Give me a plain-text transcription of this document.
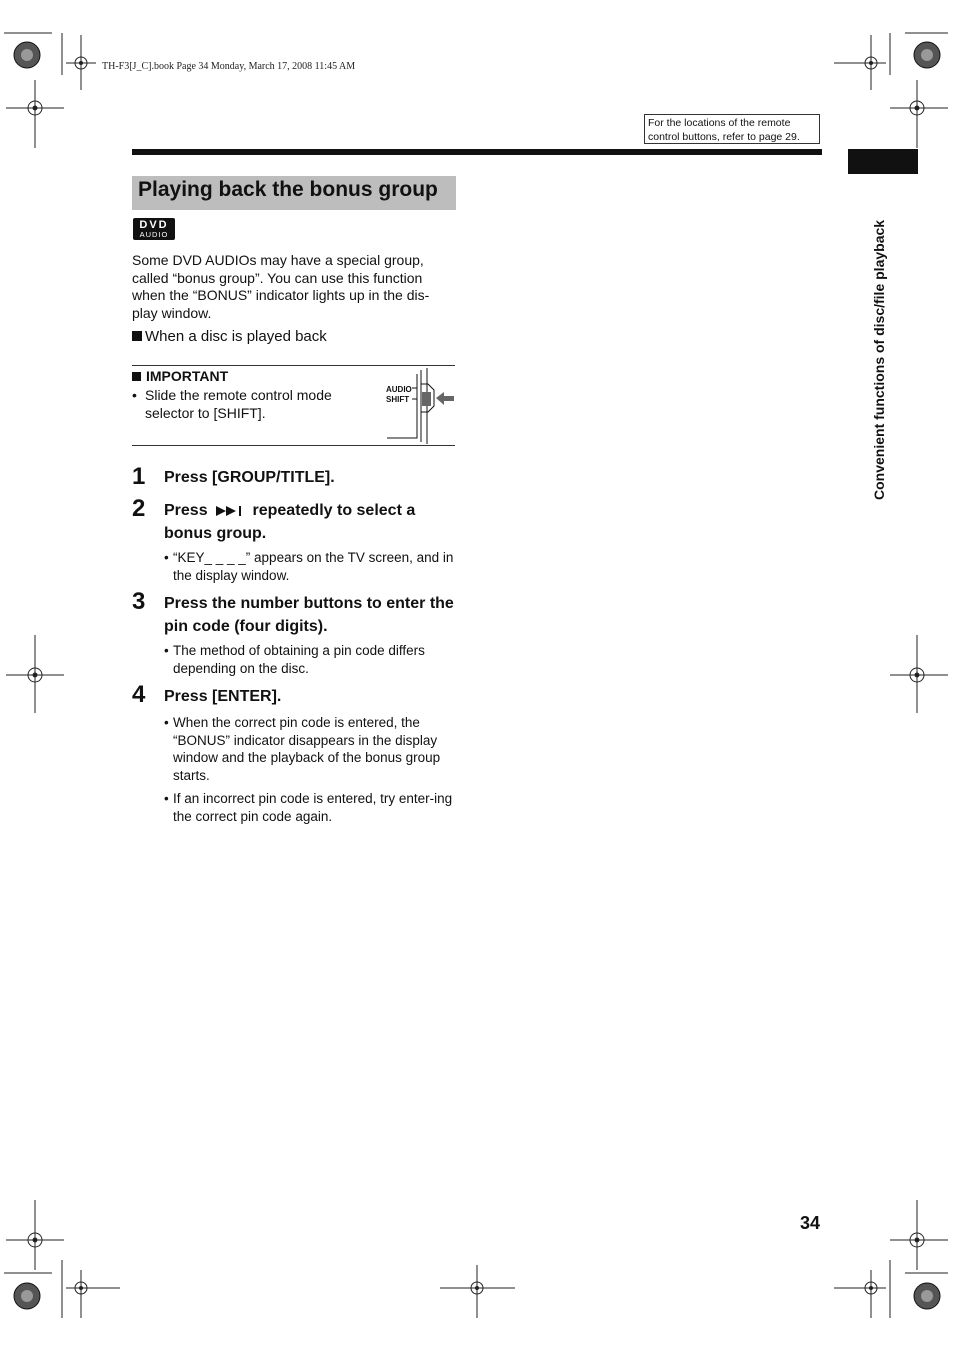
TH-F3[J_C].book Page 34 Monday, March 17, 2008 11:45 AM
For the locations of the remote
control buttons, refer to page 29.
Convenient functions of disc/file playback
Playing back the bonus group
DVD
AUDIO
Some DVD AUDIOs may have a special group,
called “bonus group”. You can use this function
when the “BONUS” indicator lights up in the dis-
play window.
When a disc is played back
IMPORTANT
• Slide the remote control mode selector to [SHIFT].
AUDIO
SHIFT
1 Press [GROUP/TITLE].
2 Press	repeatedly to select a bonus group.
• “KEY_ _ _ _” appears on the TV screen, and in the display window.
3 Press the number buttons to enter the pin code (four digits).
• The method of obtaining a pin code differs depending on the disc.
4 Press [ENTER].
• When the correct pin code is entered, the “BONUS” indicator disappears in the display window and the playback of the bonus group starts.
• If an incorrect pin code is entered, try enter-ing the correct pin code again.
34
